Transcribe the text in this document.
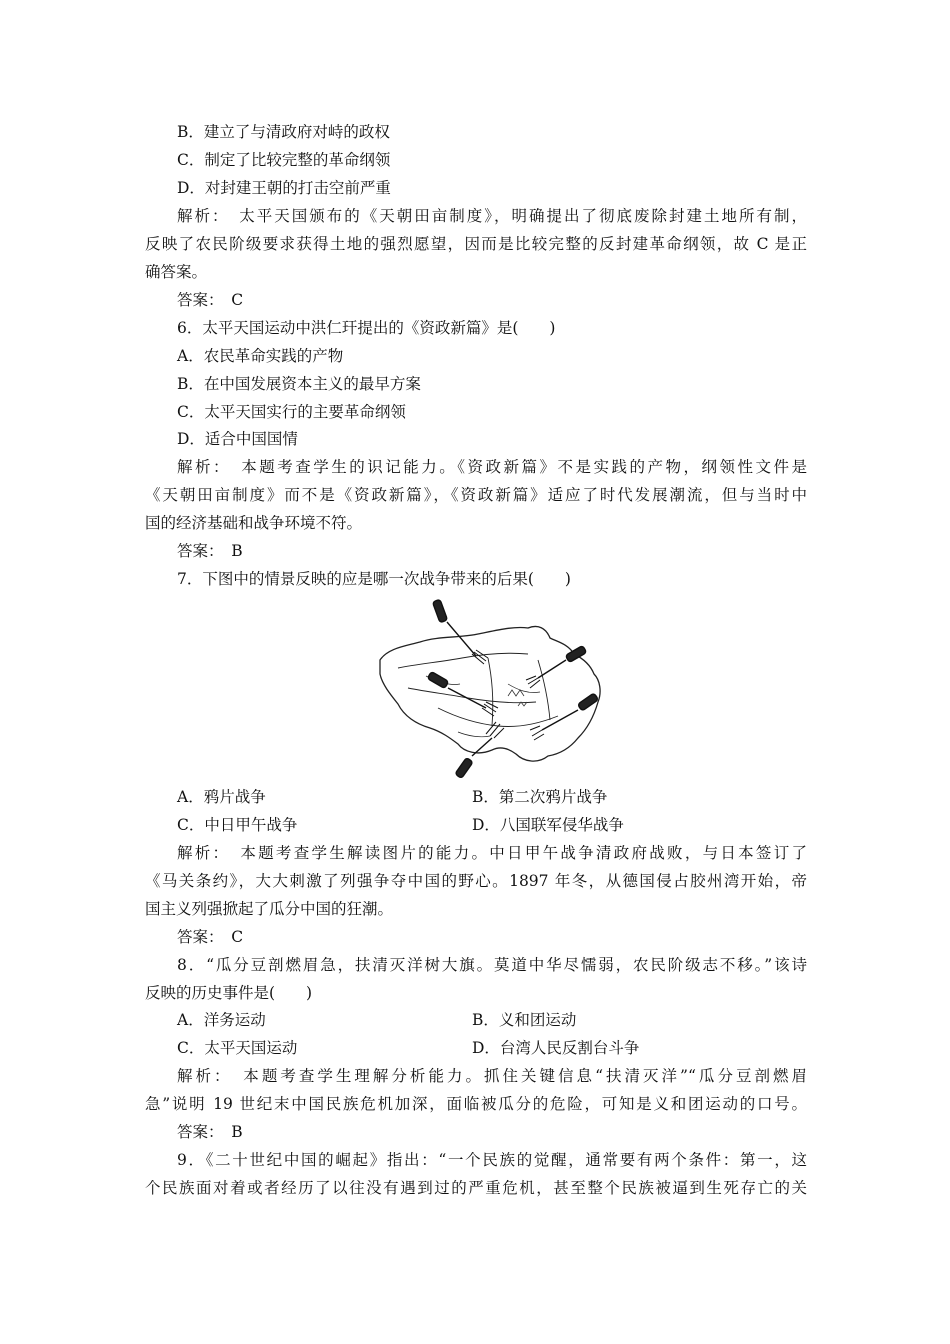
B．建立了与清政府对峙的政权
C．制定了比较完整的革命纲领
D．对封建王朝的打击空前严重
解析：　太平天国颁布的《天朝田亩制度》，明确提出了彻底废除封建土地所有制，
反映了农民阶级要求获得土地的强烈愿望，因而是比较完整的反封建革命纲领，故 C 是正
确答案。
答案：　C
6．太平天国运动中洪仁玕提出的《资政新篇》是(　　)
A．农民革命实践的产物
B．在中国发展资本主义的最早方案
C．太平天国实行的主要革命纲领
D．适合中国国情
解析：　本题考查学生的识记能力。《资政新篇》不是实践的产物，纲领性文件是
《天朝田亩制度》而不是《资政新篇》，《资政新篇》适应了时代发展潮流，但与当时中
国的经济基础和战争环境不符。
答案：　B
7．下图中的情景反映的应是哪一次战争带来的后果(　　)
A．鸦片战争	B．第二次鸦片战争
C．中日甲午战争	D．八国联军侵华战争
解析：　本题考查学生解读图片的能力。中日甲午战争清政府战败，与日本签订了
《马关条约》，大大刺激了列强争夺中国的野心。1897 年冬，从德国侵占胶州湾开始，帝
国主义列强掀起了瓜分中国的狂潮。
答案：　C
8．“瓜分豆剖燃眉急，扶清灭洋树大旗。莫道中华尽懦弱，农民阶级志不移。”该诗
反映的历史事件是(　　)
A．洋务运动	B．义和团运动
C．太平天国运动	D．台湾人民反割台斗争
解析：　本题考查学生理解分析能力。抓住关键信息“扶清灭洋”“瓜分豆剖燃眉
急”说明 19 世纪末中国民族危机加深，面临被瓜分的危险，可知是义和团运动的口号。
答案：　B
9．《二十世纪中国的崛起》指出：“一个民族的觉醒，通常要有两个条件：第一，这
个民族面对着或者经历了以往没有遇到过的严重危机，甚至整个民族被逼到生死存亡的关
